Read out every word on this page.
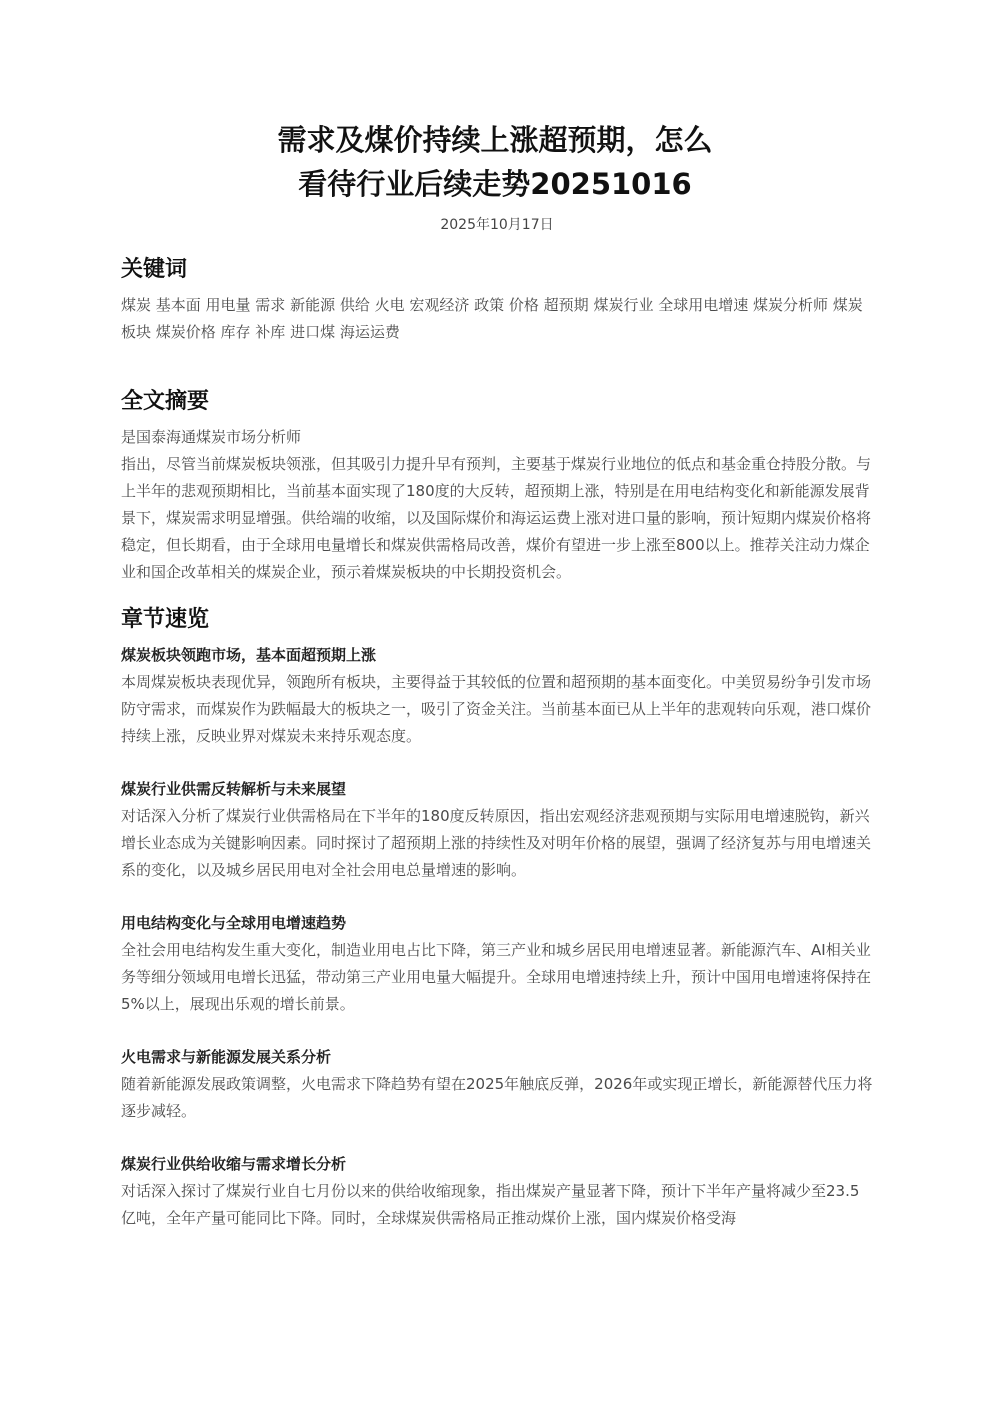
需求及煤价持续上涨超预期，怎么
看待行业后续走势20251016
2025年10月17日
关键词

煤炭 基本面 用电量 需求 新能源 供给 火电 宏观经济 政策 价格 超预期 煤炭行业 全球用电增速 煤炭分析师 煤炭板块 煤炭价格 库存 补库 进口煤 海运运费

全文摘要

是国泰海通煤炭市场分析师

指出，尽管当前煤炭板块领涨，但其吸引力提升早有预判，主要基于煤炭行业地位的低点和基金重仓持股分散。与上半年的悲观预期相比，当前基本面实现了180度的大反转，超预期上涨，特别是在用电结构变化和新能源发展背景下，煤炭需求明显增强。供给端的收缩，以及国际煤价和海运运费上涨对进口量的影响，预计短期内煤炭价格将稳定，但长期看，由于全球用电量增长和煤炭供需格局改善，煤价有望进一步上涨至800以上。推荐关注动力煤企业和国企改革相关的煤炭企业，预示着煤炭板块的中长期投资机会。

章节速览

煤炭板块领跑市场，基本面超预期上涨

本周煤炭板块表现优异，领跑所有板块，主要得益于其较低的位置和超预期的基本面变化。中美贸易纷争引发市场防守需求，而煤炭作为跌幅最大的板块之一，吸引了资金关注。当前基本面已从上半年的悲观转向乐观，港口煤价持续上涨，反映业界对煤炭未来持乐观态度。

煤炭行业供需反转解析与未来展望

对话深入分析了煤炭行业供需格局在下半年的180度反转原因，指出宏观经济悲观预期与实际用电增速脱钩，新兴增长业态成为关键影响因素。同时探讨了超预期上涨的持续性及对明年价格的展望，强调了经济复苏与用电增速关系的变化，以及城乡居民用电对全社会用电总量增速的影响。

用电结构变化与全球用电增速趋势

全社会用电结构发生重大变化，制造业用电占比下降，第三产业和城乡居民用电增速显著。新能源汽车、AI相关业务等细分领域用电增长迅猛，带动第三产业用电量大幅提升。全球用电增速持续上升，预计中国用电增速将保持在5%以上，展现出乐观的增长前景。

火电需求与新能源发展关系分析

随着新能源发展政策调整，火电需求下降趋势有望在2025年触底反弹，2026年或实现正增长，新能源替代压力将逐步减轻。

煤炭行业供给收缩与需求增长分析

对话深入探讨了煤炭行业自七月份以来的供给收缩现象，指出煤炭产量显著下降，预计下半年产量将减少至23.5亿吨，全年产量可能同比下降。同时，全球煤炭供需格局正推动煤价上涨，国内煤炭价格受海
